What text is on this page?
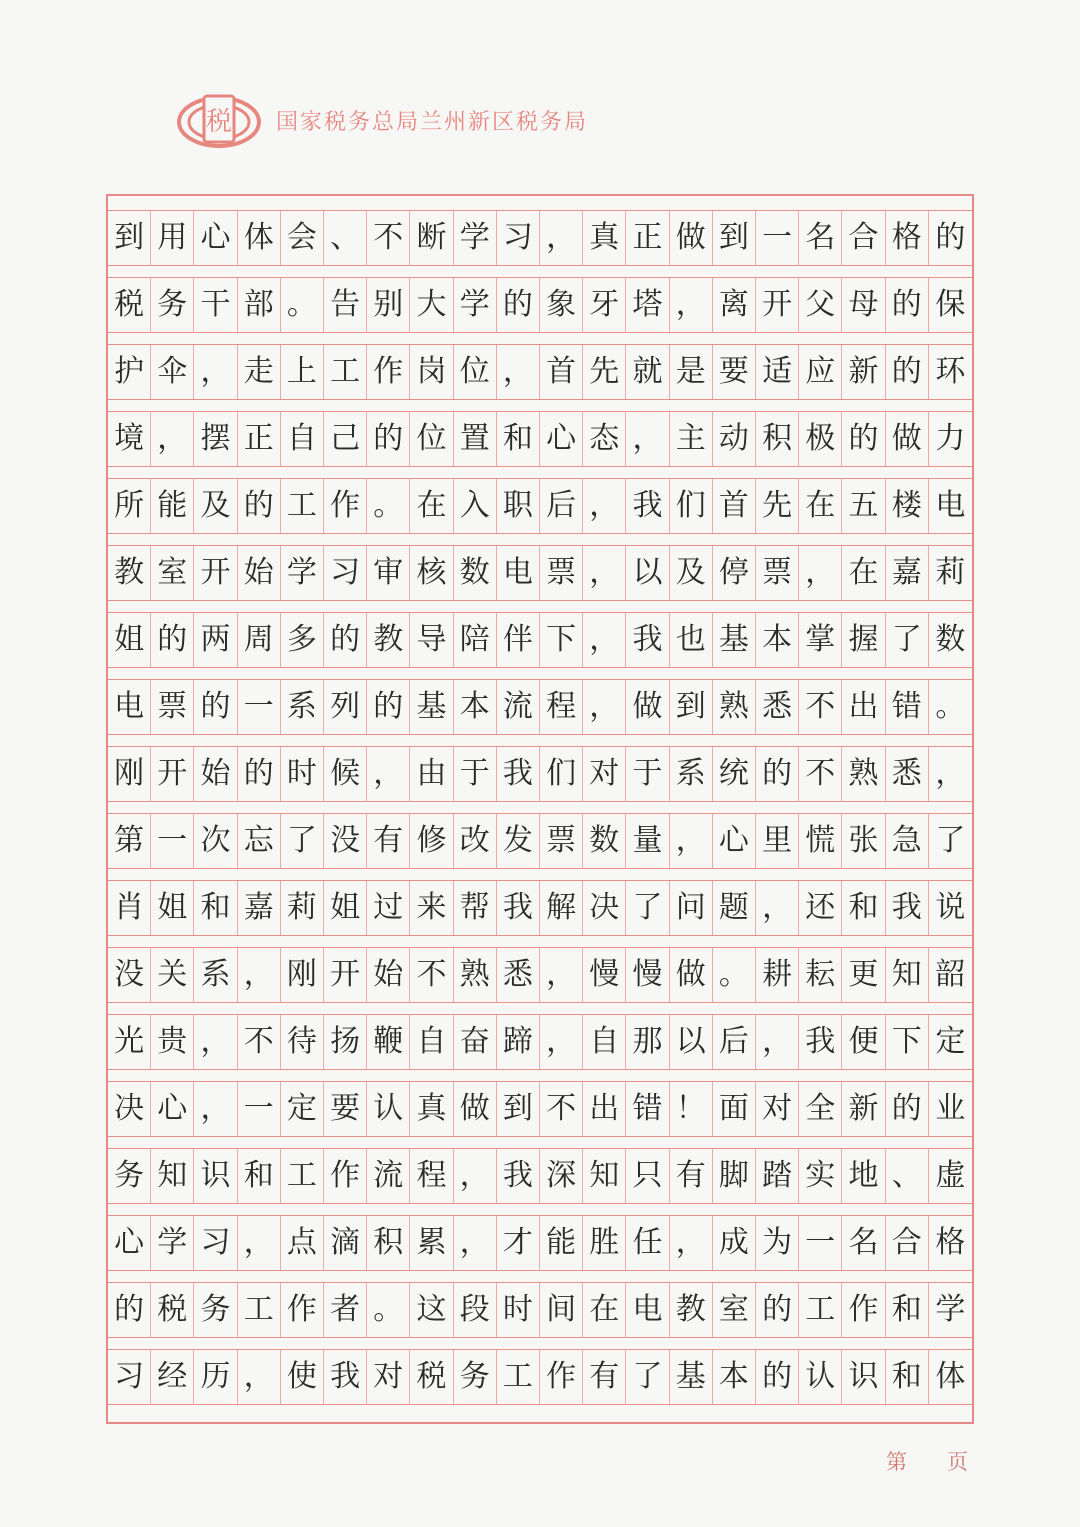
税 国家税务总局兰州新区税务局
到 用 心 体 会 、 不 断 学 习 ， 真 正 做 到 一 名 合 格 的
税 务 干 部 。 告 别 大 学 的 象 牙 塔 ， 离 开 父 母 的 保
护 伞 ， 走 上 工 作 岗 位 ， 首 先 就 是 要 适 应 新 的 环
境 ， 摆 正 自 己 的 位 置 和 心 态 ， 主 动 积 极 的 做 力
所 能 及 的 工 作 。 在 入 职 后 ， 我 们 首 先 在 五 楼 电
教 室 开 始 学 习 审 核 数 电 票 ， 以 及 停 票 ， 在 嘉 莉
姐 的 两 周 多 的 教 导 陪 伴 下 ， 我 也 基 本 掌 握 了 数
电 票 的 一 系 列 的 基 本 流 程 ， 做 到 熟 悉 不 出 错 。
刚 开 始 的 时 候 ， 由 于 我 们 对 于 系 统 的 不 熟 悉 ，
第 一 次 忘 了 没 有 修 改 发 票 数 量 ， 心 里 慌 张 急 了
肖 姐 和 嘉 莉 姐 过 来 帮 我 解 决 了 问 题 ， 还 和 我 说
没 关 系 ， 刚 开 始 不 熟 悉 ， 慢 慢 做 。 耕 耘 更 知 韶
光 贵 ， 不 待 扬 鞭 自 奋 蹄 ， 自 那 以 后 ， 我 便 下 定
决 心 ， 一 定 要 认 真 做 到 不 出 错 ！ 面 对 全 新 的 业
务 知 识 和 工 作 流 程 ， 我 深 知 只 有 脚 踏 实 地 、 虚
心 学 习 ， 点 滴 积 累 ， 才 能 胜 任 ， 成 为 一 名 合 格
的 税 务 工 作 者 。 这 段 时 间 在 电 教 室 的 工 作 和 学
习 经 历 ， 使 我 对 税 务 工 作 有 了 基 本 的 认 识 和 体
第 页
